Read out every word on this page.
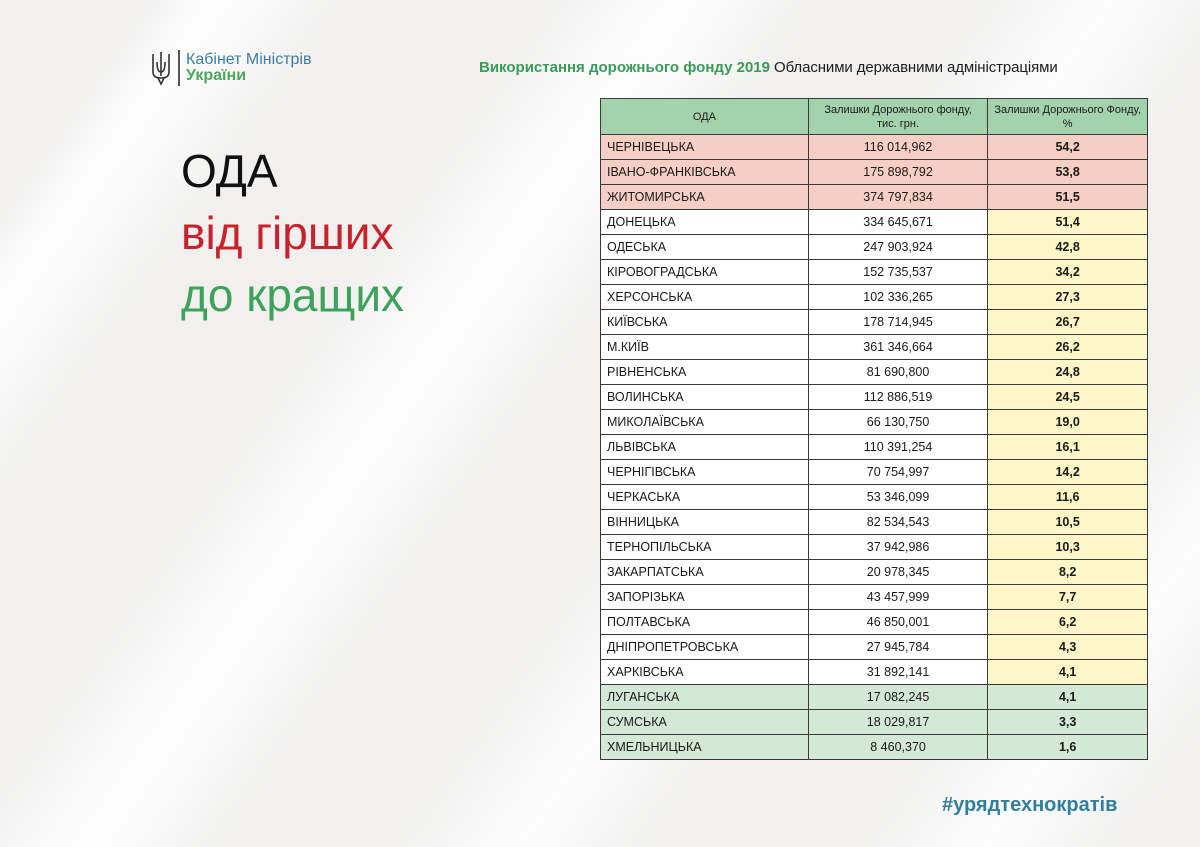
Кабінет Міністрів
України	Використання дорожнього фонду 2019 Обласними державними адміністраціями
ОДА
від гірших
до кращих
ОДА	Залишки Дорожнього фонду, тис. грн.	Залишки Дорожнього Фонду, %
ЧЕРНІВЕЦЬКА	116 014,962	54,2
ІВАНО-ФРАНКІВСЬКА	175 898,792	53,8
ЖИТОМИРСЬКА	374 797,834	51,5
ДОНЕЦЬКА	334 645,671	51,4
ОДЕСЬКА	247 903,924	42,8
КІРОВОГРАДСЬКА	152 735,537	34,2
ХЕРСОНСЬКА	102 336,265	27,3
КИЇВСЬКА	178 714,945	26,7
М.КИЇВ	361 346,664	26,2
РІВНЕНСЬКА	81 690,800	24,8
ВОЛИНСЬКА	112 886,519	24,5
МИКОЛАЇВСЬКА	66 130,750	19,0
ЛЬВІВСЬКА	110 391,254	16,1
ЧЕРНІГІВСЬКА	70 754,997	14,2
ЧЕРКАСЬКА	53 346,099	11,6
ВІННИЦЬКА	82 534,543	10,5
ТЕРНОПІЛЬСЬКА	37 942,986	10,3
ЗАКАРПАТСЬКА	20 978,345	8,2
ЗАПОРІЗЬКА	43 457,999	7,7
ПОЛТАВСЬКА	46 850,001	6,2
ДНІПРОПЕТРОВСЬКА	27 945,784	4,3
ХАРКІВСЬКА	31 892,141	4,1
ЛУГАНСЬКА	17 082,245	4,1
СУМСЬКА	18 029,817	3,3
ХМЕЛЬНИЦЬКА	8 460,370	1,6
#урядтехнократів
